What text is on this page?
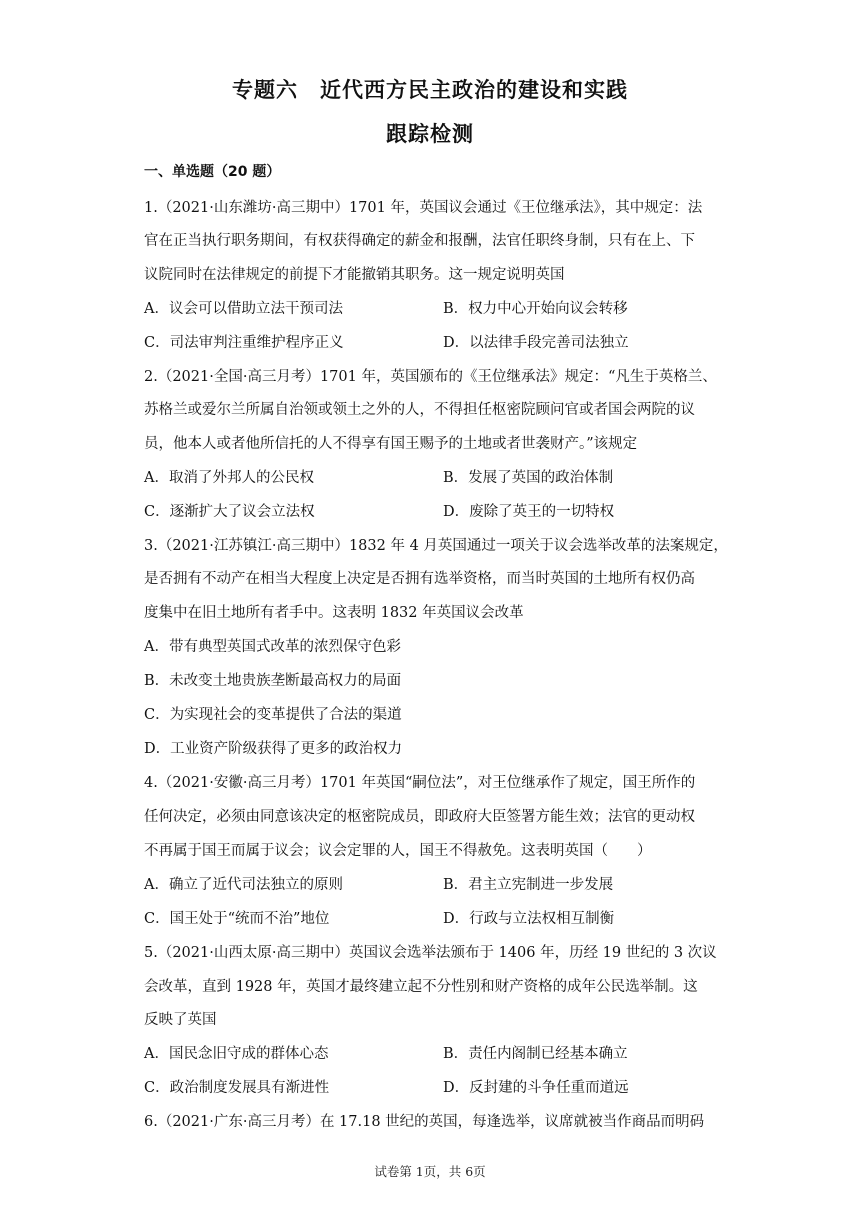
专题六 近代西方民主政治的建设和实践
跟踪检测
一、单选题（20 题）
1.（2021·山东潍坊·高三期中）1701 年，英国议会通过《王位继承法》，其中规定：法
官在正当执行职务期间，有权获得确定的薪金和报酬，法官任职终身制，只有在上、下
议院同时在法律规定的前提下才能撤销其职务。这一规定说明英国
A．议会可以借助立法干预司法	B．权力中心开始向议会转移
C．司法审判注重维护程序正义	D．以法律手段完善司法独立
2.（2021·全国·高三月考）1701 年，英国颁布的《王位继承法》规定：“凡生于英格兰、
苏格兰或爱尔兰所属自治领或领土之外的人，不得担任枢密院顾问官或者国会两院的议
员，他本人或者他所信托的人不得享有国王赐予的土地或者世袭财产。”该规定
A．取消了外邦人的公民权	B．发展了英国的政治体制
C．逐渐扩大了议会立法权	D．废除了英王的一切特权
3.（2021·江苏镇江·高三期中）1832 年 4 月英国通过一项关于议会选举改革的法案规定，
是否拥有不动产在相当大程度上决定是否拥有选举资格，而当时英国的土地所有权仍高
度集中在旧土地所有者手中。这表明 1832 年英国议会改革
A．带有典型英国式改革的浓烈保守色彩
B．未改变土地贵族垄断最高权力的局面
C．为实现社会的变革提供了合法的渠道
D．工业资产阶级获得了更多的政治权力
4.（2021·安徽·高三月考）1701 年英国“嗣位法”，对王位继承作了规定，国王所作的
任何决定，必须由同意该决定的枢密院成员，即政府大臣签署方能生效；法官的更动权
不再属于国王而属于议会；议会定罪的人，国王不得赦免。这表明英国（　　）
A．确立了近代司法独立的原则	B．君主立宪制进一步发展
C．国王处于“统而不治”地位	D．行政与立法权相互制衡
5.（2021·山西太原·高三期中）英国议会选举法颁布于 1406 年，历经 19 世纪的 3 次议
会改革，直到 1928 年，英国才最终建立起不分性别和财产资格的成年公民选举制。这
反映了英国
A．国民念旧守成的群体心态	B．责任内阁制已经基本确立
C．政治制度发展具有渐进性	D．反封建的斗争任重而道远
6.（2021·广东·高三月考）在 17.18 世纪的英国，每逢选举，议席就被当作商品而明码
试卷第 1页，共 6页
